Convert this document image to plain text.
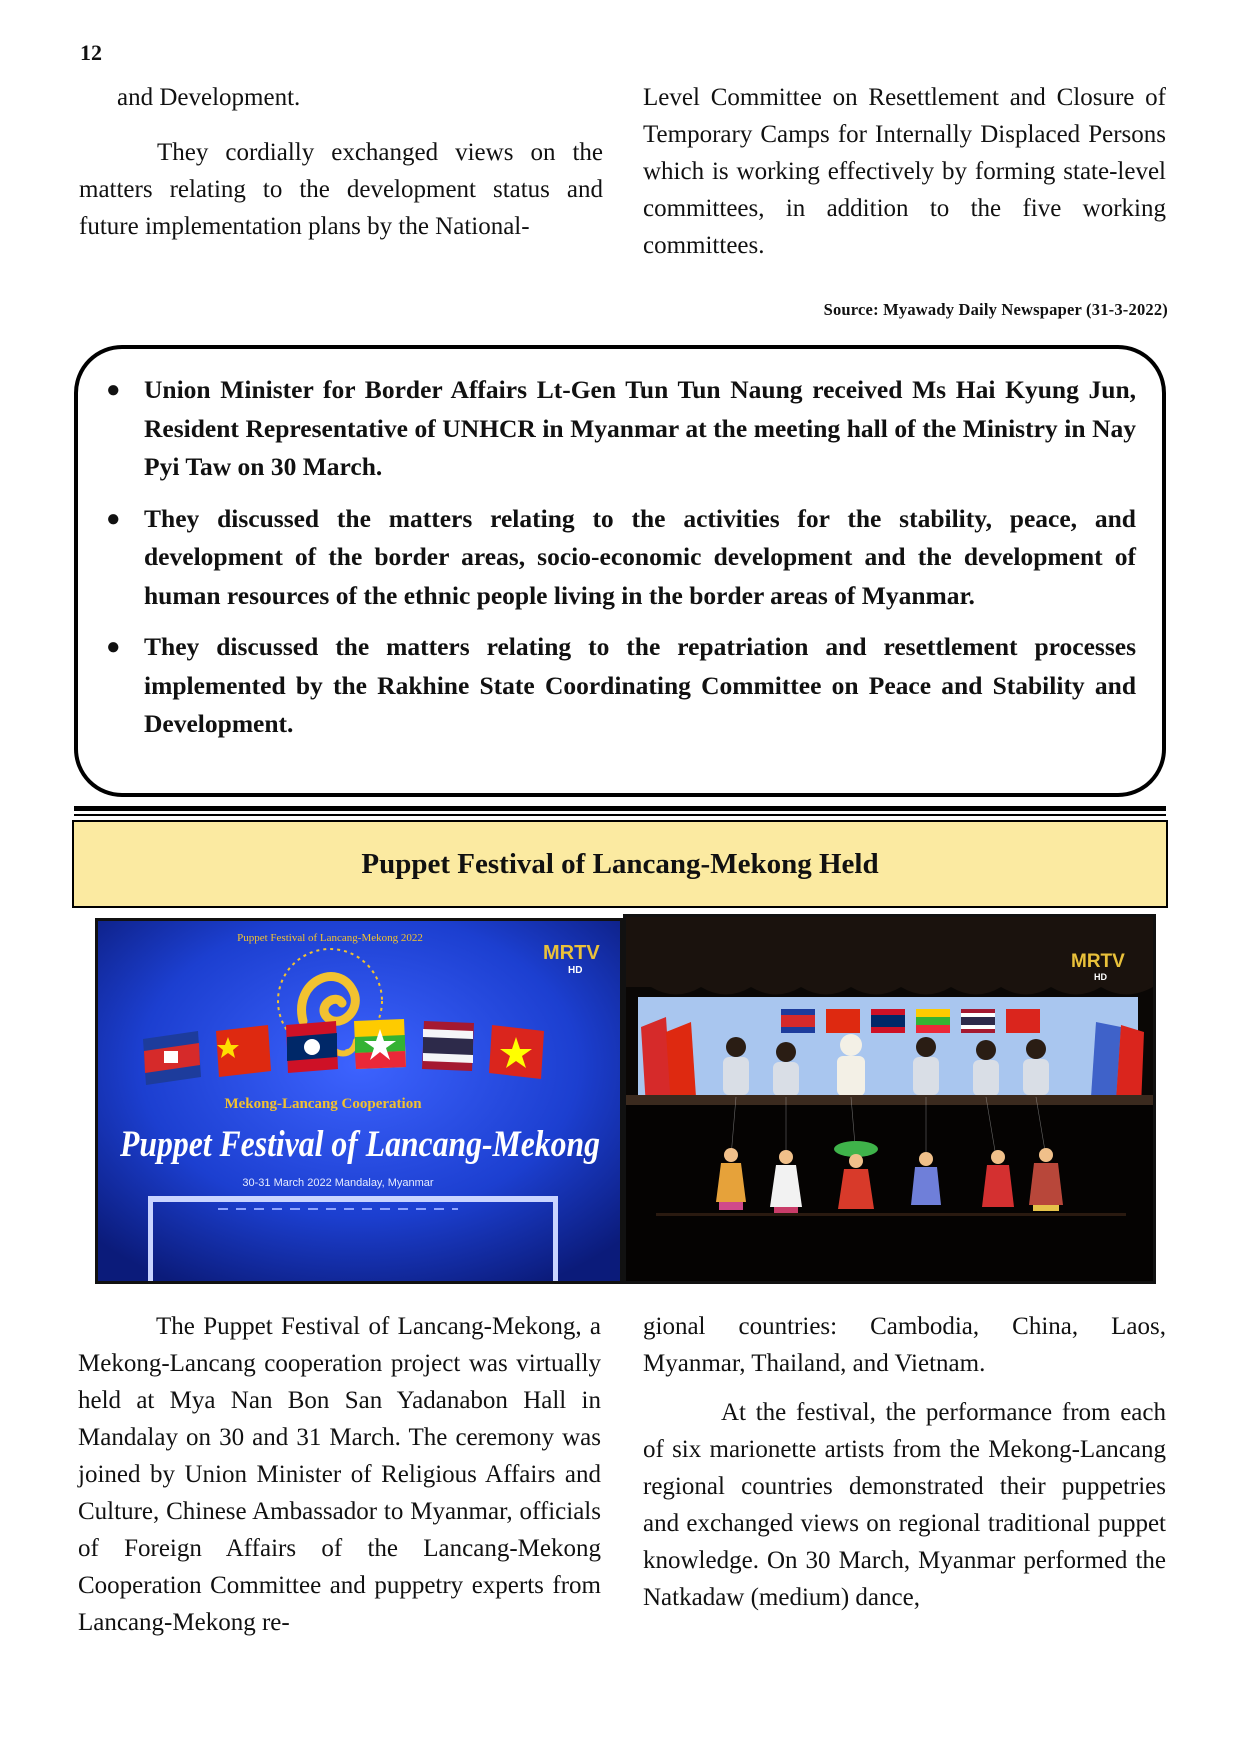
12

and Development.

They cordially exchanged views on the matters relating to the development status and future implementation plans by the National-

Level Committee on Resettlement and Closure of Temporary Camps for Internally Displaced Persons which is working effectively by forming state-level committees, in addition to the five working committees.

Source: Myawady Daily Newspaper (31-3-2022)
● Union Minister for Border Affairs Lt-Gen Tun Tun Naung received Ms Hai Kyung Jun, Resident Representative of UNHCR in Myanmar at the meeting hall of the Ministry in Nay Pyi Taw on 30 March.
● They discussed the matters relating to the activities for the stability, peace, and development of the border areas, socio-economic development and the development of human resources of the ethnic people living in the border areas of Myanmar.
● They discussed the matters relating to the repatriation and resettlement processes implemented by the Rakhine State Coordinating Committee on Peace and Stability and Development.
Puppet Festival of Lancang-Mekong Held
Puppet Festival of Lancang-Mekong 2022
MRTV
HD
Mekong-Lancang Cooperation
Puppet Festival of Lancang-Mekong
30-31 March 2022 Mandalay, Myanmar
MRTV
HD

The Puppet Festival of Lancang-Mekong, a Mekong-Lancang cooperation project was virtually held at Mya Nan Bon San Yadanabon Hall in Mandalay on 30 and 31 March. The ceremony was joined by Union Minister of Religious Affairs and Culture, Chinese Ambassador to Myanmar, officials of Foreign Affairs of the Lancang-Mekong Cooperation Committee and puppetry experts from Lancang-Mekong re-

gional countries: Cambodia, China, Laos, Myanmar, Thailand, and Vietnam.

At the festival, the performance from each of six marionette artists from the Mekong-Lancang regional countries demonstrated their puppetries and exchanged views on regional traditional puppet knowledge. On 30 March, Myanmar performed the Natkadaw (medium) dance,
